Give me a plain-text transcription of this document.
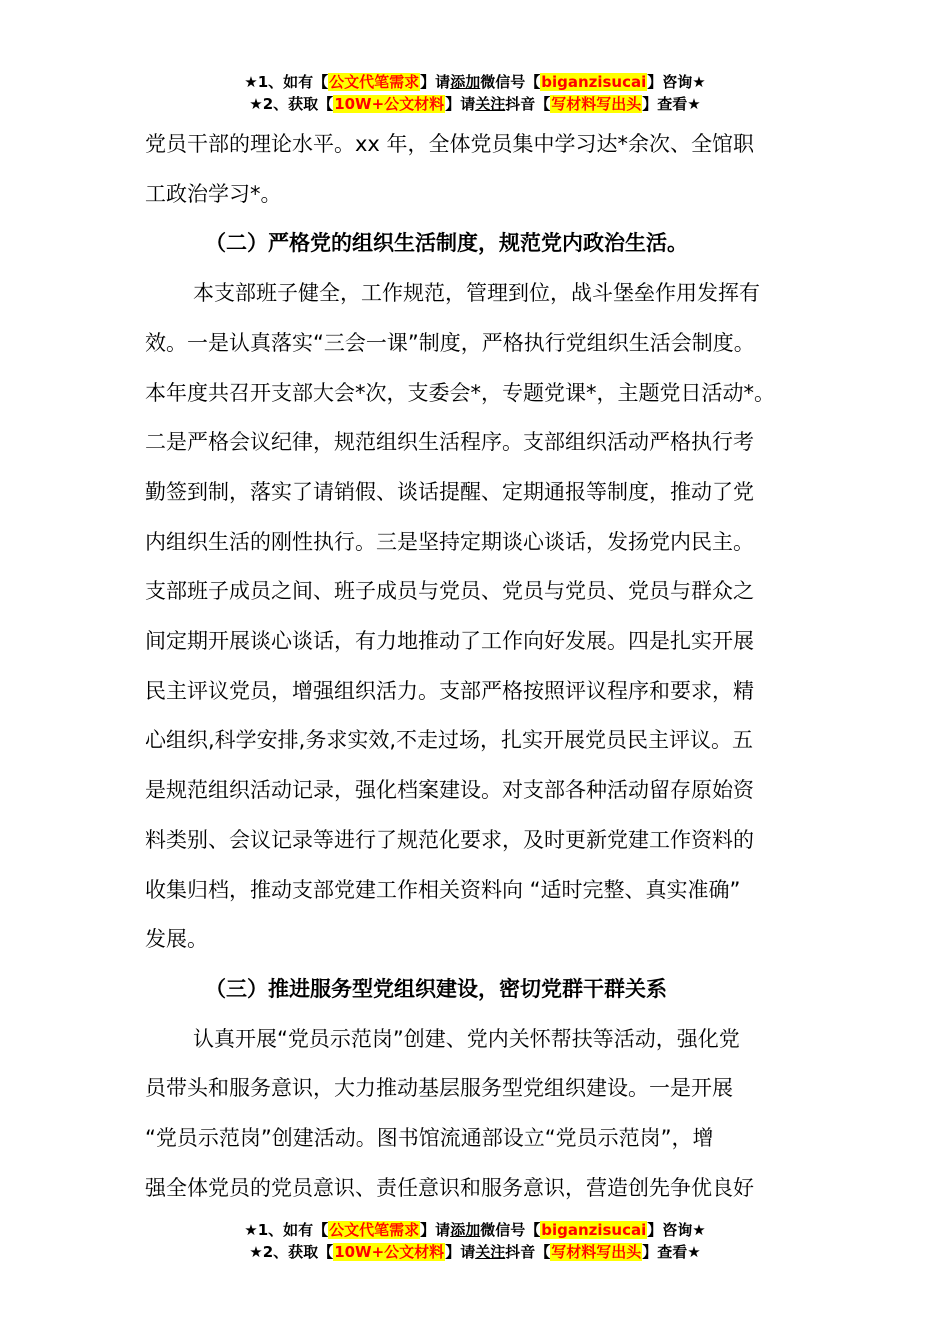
★1、如有【公文代笔需求】请添加微信号【biganzisucai】咨询★
★2、获取【10W+公文材料】请关注抖音【写材料写出头】查看★

党员干部的理论水平。xx 年，全体党员集中学习达*余次、全馆职

工政治学习*。

（二）严格党的组织生活制度，规范党内政治生活。

本支部班子健全，工作规范，管理到位，战斗堡垒作用发挥有

效。一是认真落实“三会一课”制度，严格执行党组织生活会制度。

本年度共召开支部大会*次，支委会*，专题党课*，主题党日活动*。

二是严格会议纪律，规范组织生活程序。支部组织活动严格执行考

勤签到制，落实了请销假、谈话提醒、定期通报等制度，推动了党

内组织生活的刚性执行。三是坚持定期谈心谈话，发扬党内民主。

支部班子成员之间、班子成员与党员、党员与党员、党员与群众之

间定期开展谈心谈话，有力地推动了工作向好发展。四是扎实开展

民主评议党员，增强组织活力。支部严格按照评议程序和要求，精

心组织,科学安排,务求实效,不走过场，扎实开展党员民主评议。五

是规范组织活动记录，强化档案建设。对支部各种活动留存原始资

料类别、会议记录等进行了规范化要求，及时更新党建工作资料的

收集归档，推动支部党建工作相关资料向 “适时完整、真实准确”

发展。

（三）推进服务型党组织建设，密切党群干群关系

认真开展“党员示范岗”创建、党内关怀帮扶等活动，强化党

员带头和服务意识，大力推动基层服务型党组织建设。一是开展

“党员示范岗”创建活动。图书馆流通部设立“党员示范岗”，增

强全体党员的党员意识、责任意识和服务意识，营造创先争优良好

★1、如有【公文代笔需求】请添加微信号【biganzisucai】咨询★
★2、获取【10W+公文材料】请关注抖音【写材料写出头】查看★
